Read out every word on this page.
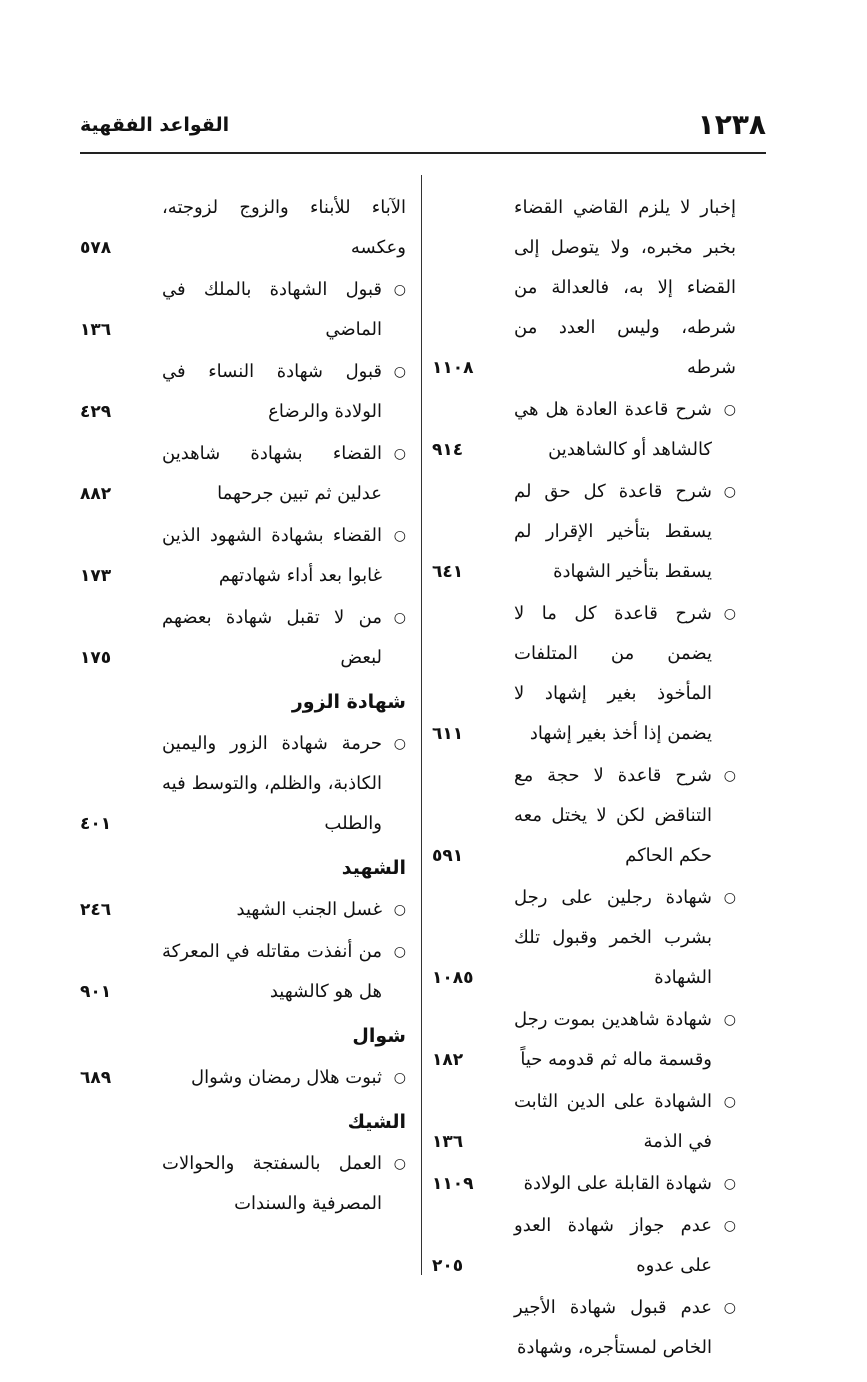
١٢٣٨
القواعد الفقهية
إخبار لا يلزم القاضي القضاء بخبر مخبره، ولا يتوصل إلى القضاء إلا به، فالعدالة من شرطه، وليس العدد من شرطه
١١٠٨
○
شرح قاعدة العادة هل هي كالشاهد أو كالشاهدين
٩١٤
○
شرح قاعدة كل حق لم يسقط بتأخير الإقرار لم يسقط بتأخير الشهادة
٦٤١
○
شرح قاعدة كل ما لا يضمن من المتلفات المأخوذ بغير إشهاد لا يضمن إذا أخذ بغير إشهاد
٦١١
○
شرح قاعدة لا حجة مع التناقض لكن لا يختل معه حكم الحاكم
٥٩١
○
شهادة رجلين على رجل بشرب الخمر وقبول تلك الشهادة
١٠٨٥
○
شهادة شاهدين بموت رجل وقسمة ماله ثم قدومه حياً
١٨٢
○
الشهادة على الدين الثابت في الذمة
١٣٦
○
شهادة القابلة على الولادة
١١٠٩
○
عدم جواز شهادة العدو على عدوه
٢٠٥
○
عدم قبول شهادة الأجير الخاص لمستأجره، وشهادة
الآباء للأبناء والزوج لزوجته، وعكسه
٥٧٨
○
قبول الشهادة بالملك في الماضي
١٣٦
○
قبول شهادة النساء في الولادة والرضاع
٤٢٩
○
القضاء بشهادة شاهدين عدلين ثم تبين جرحهما
٨٨٢
○
القضاء بشهادة الشهود الذين غابوا بعد أداء شهادتهم
١٧٣
○
من لا تقبل شهادة بعضهم لبعض
١٧٥
شهادة الزور
○
حرمة شهادة الزور واليمين الكاذبة، والظلم، والتوسط فيه والطلب
٤٠١
الشهيد
○
غسل الجنب الشهيد
٢٤٦
○
من أنفذت مقاتله في المعركة هل هو كالشهيد
٩٠١
شوال
○
ثبوت هلال رمضان وشوال
٦٨٩
الشيك
○
العمل بالسفتجة والحوالات المصرفية والسندات
